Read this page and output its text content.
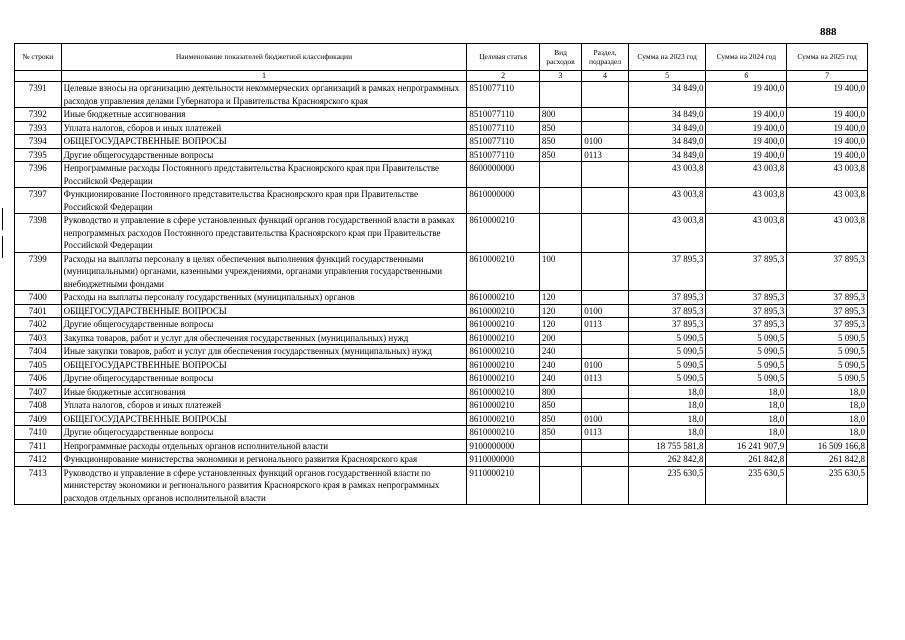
888
№ строки	Наименование показателей бюджетной классификации	Целевая статья	Вид расходов	Раздел, подраздел	Сумма на 2023 год	Сумма на 2024 год	Сумма на 2025 год
	1	2	3	4	5	6	7
7391	Целевые взносы на организацию деятельности некоммерческих организаций в рамках непрограммных расходов управления делами Губернатора и Правительства Красноярского края	8510077110			34 849,0	19 400,0	19 400,0
7392	Иные бюджетные ассигнования	8510077110	800		34 849,0	19 400,0	19 400,0
7393	Уплата налогов, сборов и иных платежей	8510077110	850		34 849,0	19 400,0	19 400,0
7394	ОБЩЕГОСУДАРСТВЕННЫЕ ВОПРОСЫ	8510077110	850	0100	34 849,0	19 400,0	19 400,0
7395	Другие общегосударственные вопросы	8510077110	850	0113	34 849,0	19 400,0	19 400,0
7396	Непрограммные расходы Постоянного представительства Красноярского края при Правительстве Российской Федерации	8600000000			43 003,8	43 003,8	43 003,8
7397	Функционирование Постоянного представительства Красноярского края при Правительстве Российской Федерации	8610000000			43 003,8	43 003,8	43 003,8
7398	Руководство и управление в сфере установленных функций органов государственной власти в рамках непрограммных расходов Постоянного представительства Красноярского края при Правительстве Российской Федерации	8610000210			43 003,8	43 003,8	43 003,8
7399	Расходы на выплаты персоналу в целях обеспечения выполнения функций государственными (муниципальными) органами, казенными учреждениями, органами управления государственными внебюджетными фондами	8610000210	100		37 895,3	37 895,3	37 895,3
7400	Расходы на выплаты персоналу государственных (муниципальных) органов	8610000210	120		37 895,3	37 895,3	37 895,3
7401	ОБЩЕГОСУДАРСТВЕННЫЕ ВОПРОСЫ	8610000210	120	0100	37 895,3	37 895,3	37 895,3
7402	Другие общегосударственные вопросы	8610000210	120	0113	37 895,3	37 895,3	37 895,3
7403	Закупка товаров, работ и услуг для обеспечения государственных (муниципальных) нужд	8610000210	200		5 090,5	5 090,5	5 090,5
7404	Иные закупки товаров, работ и услуг для обеспечения государственных (муниципальных) нужд	8610000210	240		5 090,5	5 090,5	5 090,5
7405	ОБЩЕГОСУДАРСТВЕННЫЕ ВОПРОСЫ	8610000210	240	0100	5 090,5	5 090,5	5 090,5
7406	Другие общегосударственные вопросы	8610000210	240	0113	5 090,5	5 090,5	5 090,5
7407	Иные бюджетные ассигнования	8610000210	800		18,0	18,0	18,0
7408	Уплата налогов, сборов и иных платежей	8610000210	850		18,0	18,0	18,0
7409	ОБЩЕГОСУДАРСТВЕННЫЕ ВОПРОСЫ	8610000210	850	0100	18,0	18,0	18,0
7410	Другие общегосударственные вопросы	8610000210	850	0113	18,0	18,0	18,0
7411	Непрограммные расходы отдельных органов исполнительной власти	9100000000			18 755 581,8	16 241 907,9	16 509 166,8
7412	Функционирование министерства экономики и регионального развития Красноярского края	9110000000			262 842,8	261 842,8	261 842,8
7413	Руководство и управление в сфере установленных функций органов государственной власти по министерству экономики и регионального развития Красноярского края в рамках непрограммных расходов отдельных органов исполнительной власти	9110000210			235 630,5	235 630,5	235 630,5
